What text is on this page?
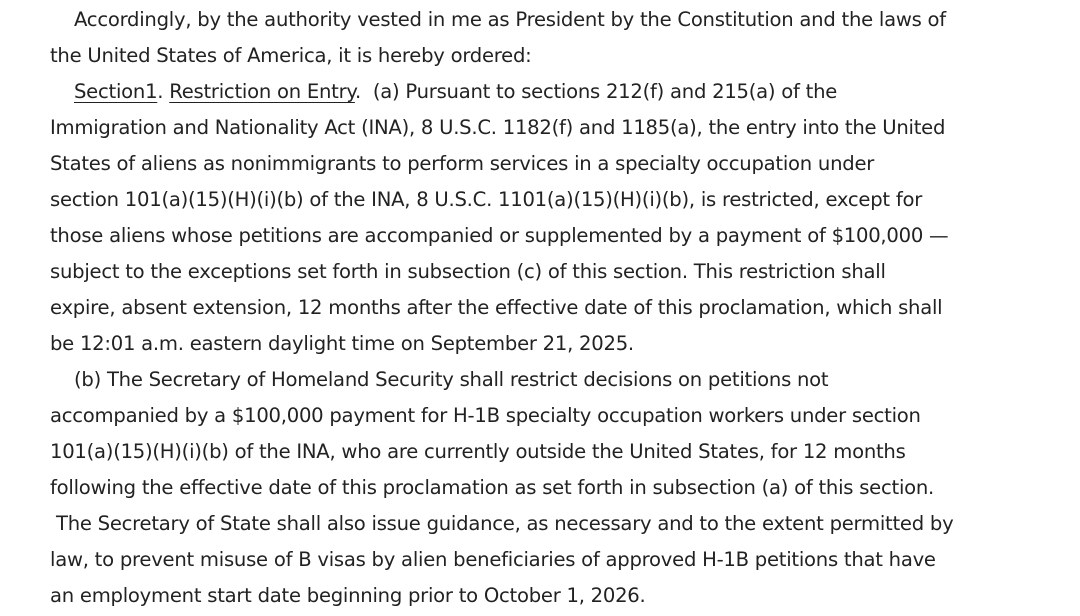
Accordingly, by the authority vested in me as President by the Constitution and the laws of
the United States of America, it is hereby ordered:
Section1. Restriction on Entry.  (a) Pursuant to sections 212(f) and 215(a) of the
Immigration and Nationality Act (INA), 8 U.S.C. 1182(f) and 1185(a), the entry into the United
States of aliens as nonimmigrants to perform services in a specialty occupation under
section 101(a)(15)(H)(i)(b) of the INA, 8 U.S.C. 1101(a)(15)(H)(i)(b), is restricted, except for
those aliens whose petitions are accompanied or supplemented by a payment of $100,000 —
subject to the exceptions set forth in subsection (c) of this section. This restriction shall
expire, absent extension, 12 months after the effective date of this proclamation, which shall
be 12:01 a.m. eastern daylight time on September 21, 2025.
(b) The Secretary of Homeland Security shall restrict decisions on petitions not
accompanied by a $100,000 payment for H-1B specialty occupation workers under section
101(a)(15)(H)(i)(b) of the INA, who are currently outside the United States, for 12 months
following the effective date of this proclamation as set forth in subsection (a) of this section.
The Secretary of State shall also issue guidance, as necessary and to the extent permitted by
law, to prevent misuse of B visas by alien beneficiaries of approved H-1B petitions that have
an employment start date beginning prior to October 1, 2026.
